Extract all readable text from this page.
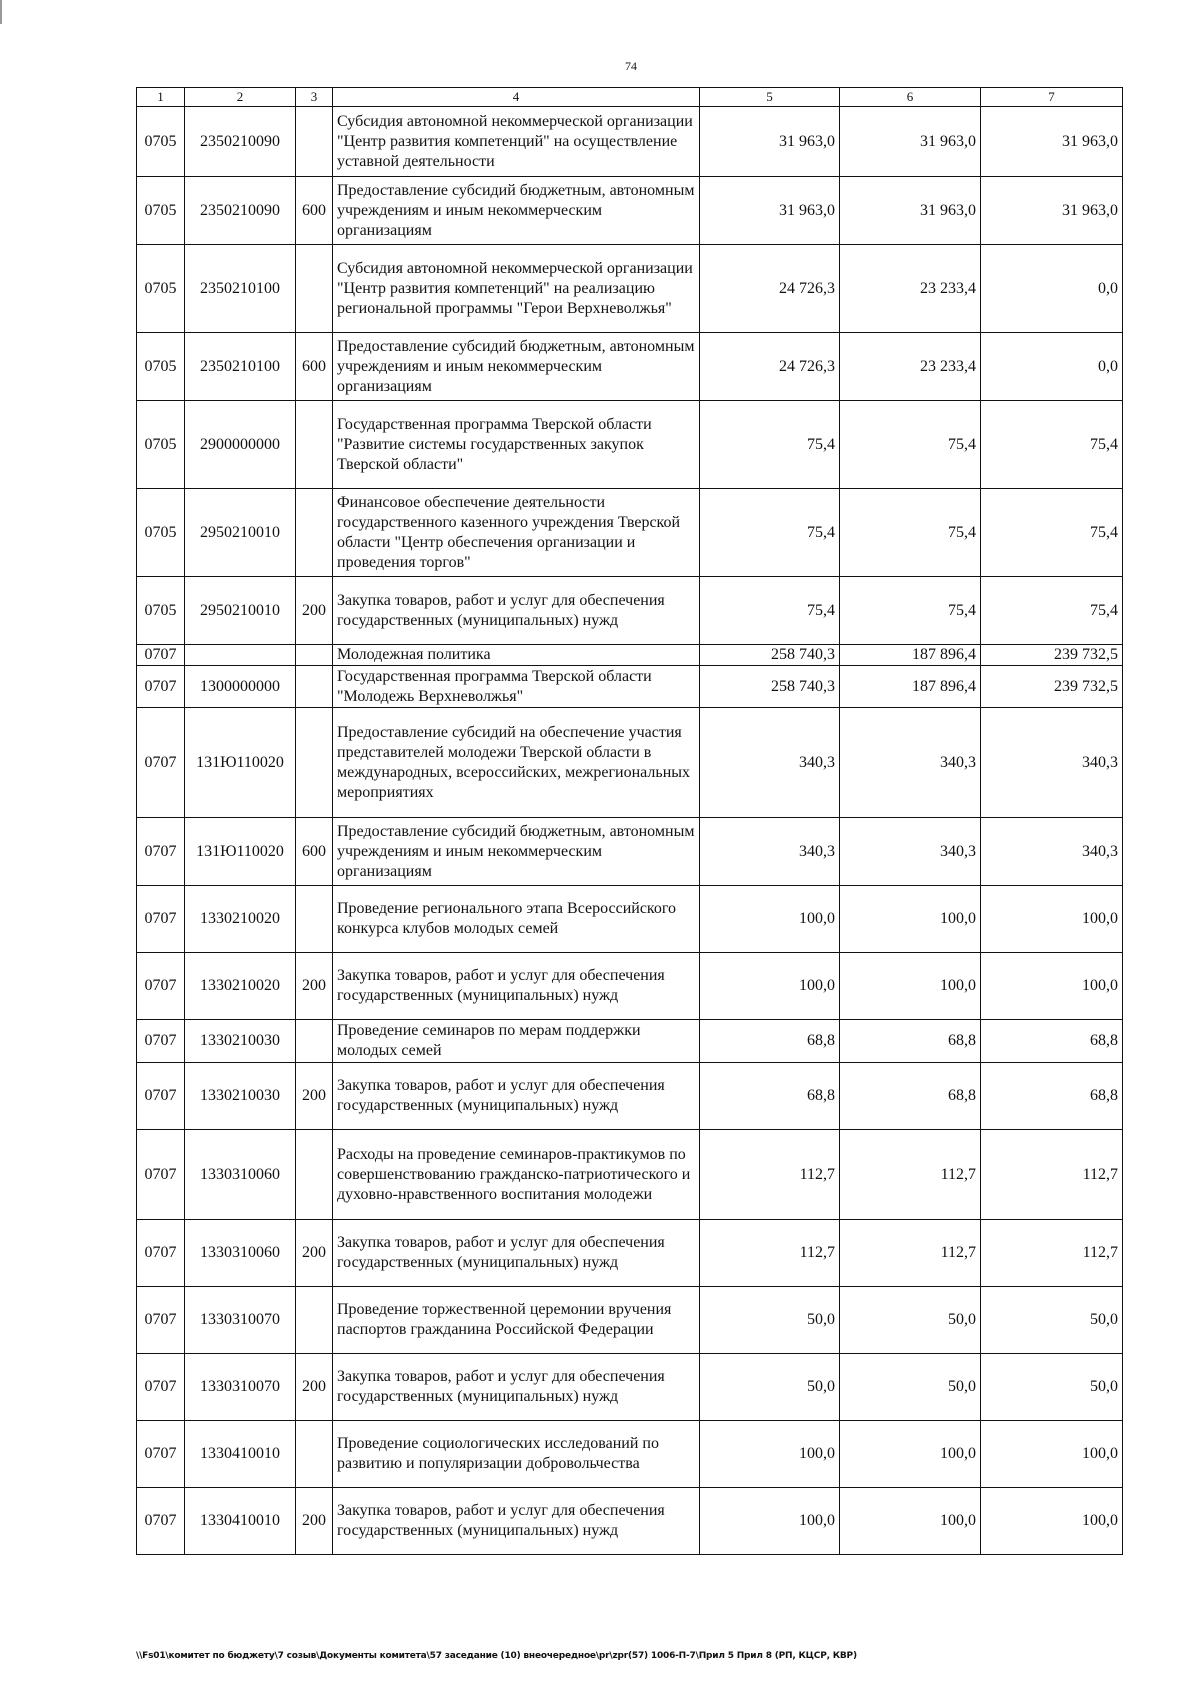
74
1	2	3	4	5	6	7
0705	2350210090		Субсидия автономной некоммерческой организации "Центр развития компетенций" на осуществление уставной деятельности	31 963,0	31 963,0	31 963,0
0705	2350210090	600	Предоставление субсидий бюджетным, автономным учреждениям и иным некоммерческим организациям	31 963,0	31 963,0	31 963,0
0705	2350210100		Субсидия автономной некоммерческой организации "Центр развития компетенций" на реализацию региональной программы "Герои Верхневолжья"	24 726,3	23 233,4	0,0
0705	2350210100	600	Предоставление субсидий бюджетным, автономным учреждениям и иным некоммерческим организациям	24 726,3	23 233,4	0,0
0705	2900000000		Государственная программа Тверской области "Развитие системы государственных закупок Тверской области"	75,4	75,4	75,4
0705	2950210010		Финансовое обеспечение деятельности государственного казенного учреждения Тверской области "Центр обеспечения организации и проведения торгов"	75,4	75,4	75,4
0705	2950210010	200	Закупка товаров, работ и услуг для обеспечения государственных (муниципальных) нужд	75,4	75,4	75,4
0707			Молодежная политика	258 740,3	187 896,4	239 732,5
0707	1300000000		Государственная программа Тверской области "Молодежь Верхневолжья"	258 740,3	187 896,4	239 732,5
0707	131Ю110020		Предоставление субсидий на обеспечение участия представителей молодежи Тверской области в международных, всероссийских, межрегиональных мероприятиях	340,3	340,3	340,3
0707	131Ю110020	600	Предоставление субсидий бюджетным, автономным учреждениям и иным некоммерческим организациям	340,3	340,3	340,3
0707	1330210020		Проведение регионального этапа Всероссийского конкурса клубов молодых семей	100,0	100,0	100,0
0707	1330210020	200	Закупка товаров, работ и услуг для обеспечения государственных (муниципальных) нужд	100,0	100,0	100,0
0707	1330210030		Проведение семинаров по мерам поддержки молодых семей	68,8	68,8	68,8
0707	1330210030	200	Закупка товаров, работ и услуг для обеспечения государственных (муниципальных) нужд	68,8	68,8	68,8
0707	1330310060		Расходы на проведение семинаров-практикумов по совершенствованию гражданско-патриотического и духовно-нравственного воспитания молодежи	112,7	112,7	112,7
0707	1330310060	200	Закупка товаров, работ и услуг для обеспечения государственных (муниципальных) нужд	112,7	112,7	112,7
0707	1330310070		Проведение торжественной церемонии вручения паспортов гражданина Российской Федерации	50,0	50,0	50,0
0707	1330310070	200	Закупка товаров, работ и услуг для обеспечения государственных (муниципальных) нужд	50,0	50,0	50,0
0707	1330410010		Проведение социологических исследований по развитию и популяризации добровольчества	100,0	100,0	100,0
0707	1330410010	200	Закупка товаров, работ и услуг для обеспечения государственных (муниципальных) нужд	100,0	100,0	100,0
\\Fs01\комитет по бюджету\7 созыв\Документы комитета\57 заседание (10) внеочередное\pr\zpr(57) 1006-П-7\Прил 5 Прил 8 (РП, КЦСР, КВР)
